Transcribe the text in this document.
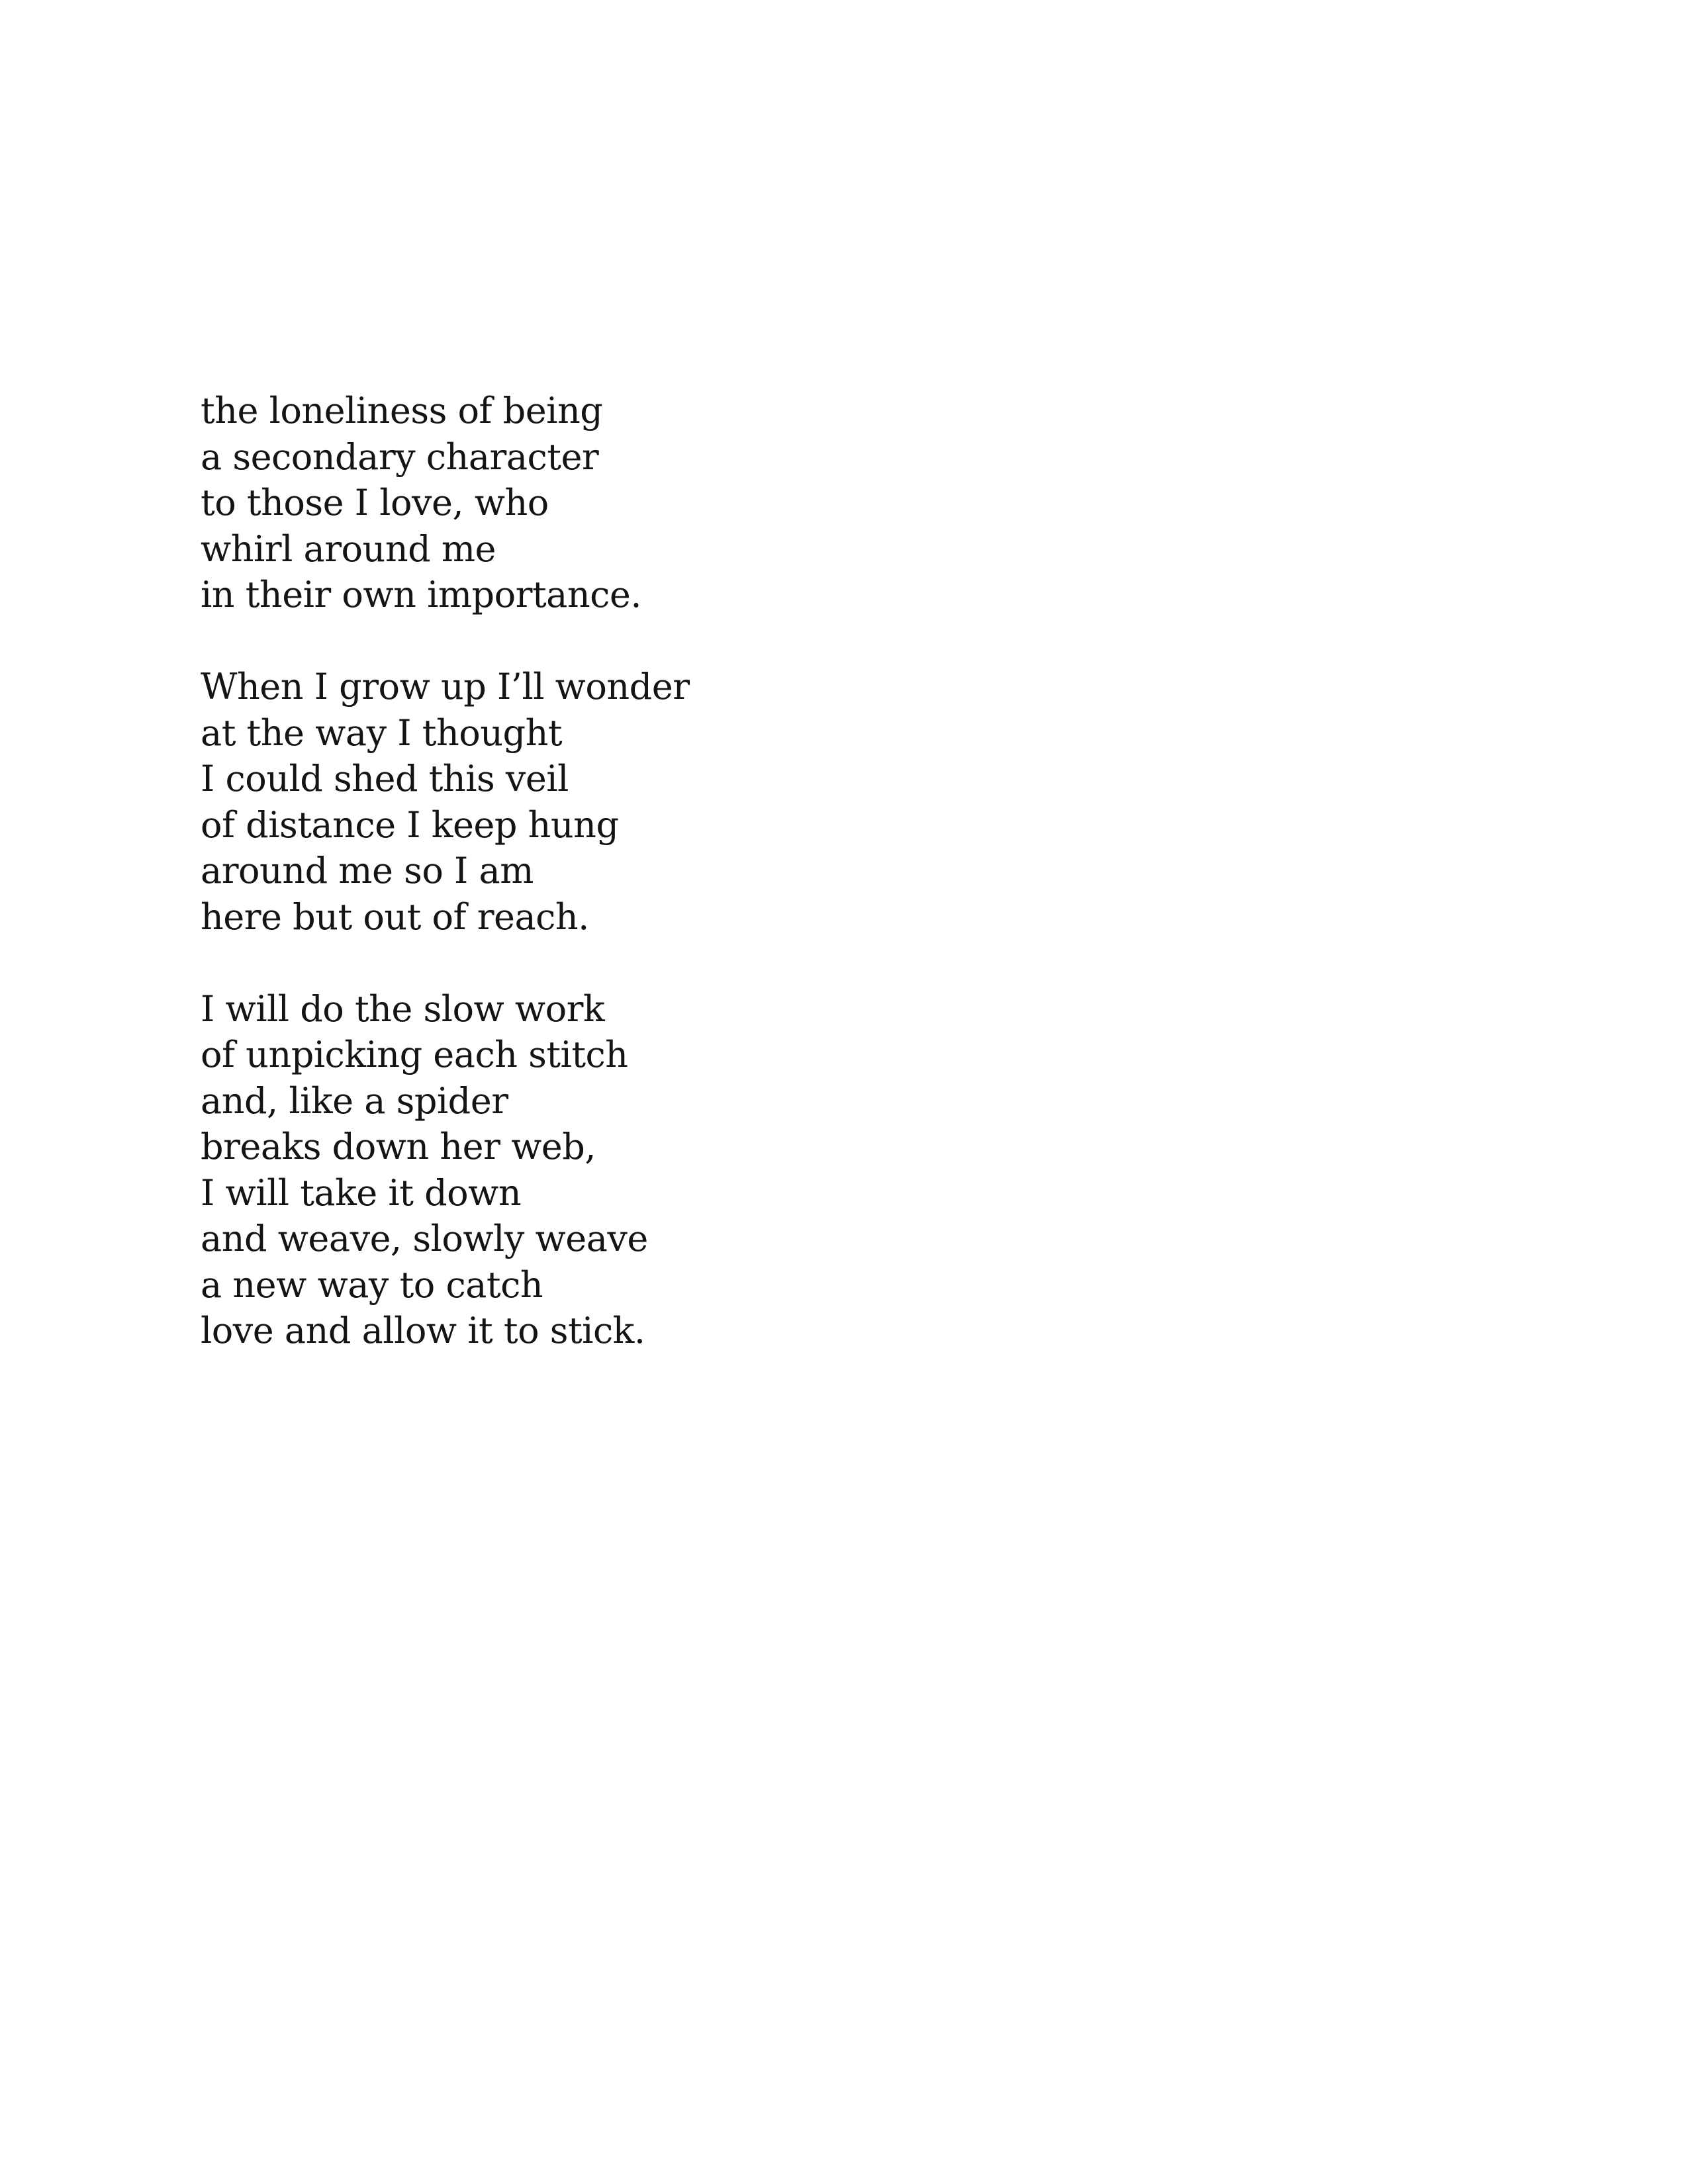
the loneliness of being
a secondary character
to those I love, who
whirl around me
in their own importance.

When I grow up I’ll wonder
at the way I thought
I could shed this veil
of distance I keep hung
around me so I am
here but out of reach.

I will do the slow work
of unpicking each stitch
and, like a spider
breaks down her web,
I will take it down
and weave, slowly weave
a new way to catch
love and allow it to stick.
